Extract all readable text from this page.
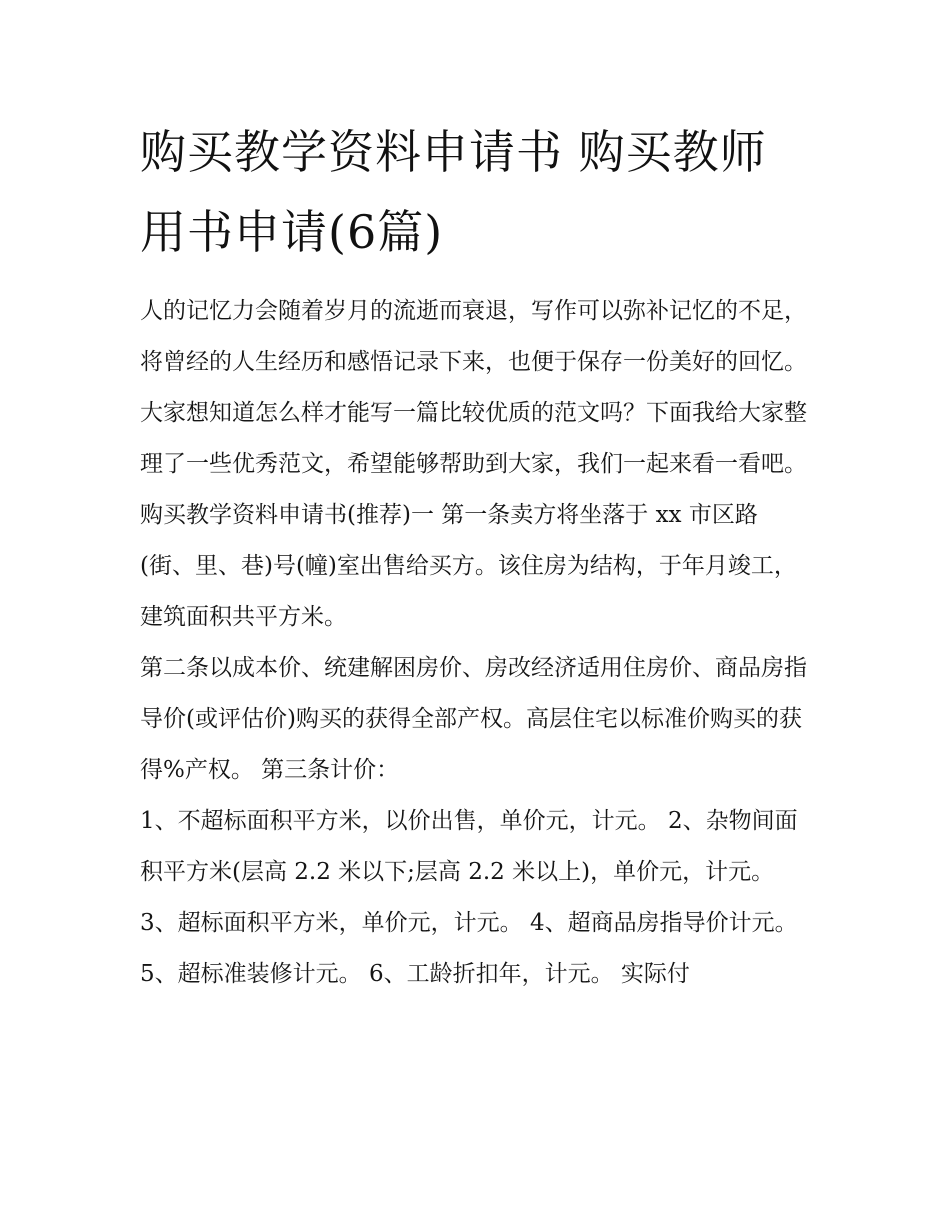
购买教学资料申请书 购买教师
用书申请(6篇)

人的记忆力会随着岁月的流逝而衰退，写作可以弥补记忆的不足，将曾经的人生经历和感悟记录下来，也便于保存一份美好的回忆。大家想知道怎么样才能写一篇比较优质的范文吗？下面我给大家整理了一些优秀范文，希望能够帮助到大家，我们一起来看一看吧。

购买教学资料申请书(推荐)一 第一条卖方将坐落于 xx 市区路(街、里、巷)号(幢)室出售给买方。该住房为结构，于年月竣工，建筑面积共平方米。

第二条以成本价、统建解困房价、房改经济适用住房价、商品房指导价(或评估价)购买的获得全部产权。高层住宅以标准价购买的获得%产权。 第三条计价：

1、不超标面积平方米，以价出售，单价元，计元。 2、杂物间面积平方米(层高 2.2 米以下;层高 2.2 米以上)，单价元，计元。

3、超标面积平方米，单价元，计元。 4、超商品房指导价计元。 5、超标准装修计元。 6、工龄折扣年，计元。 实际付
